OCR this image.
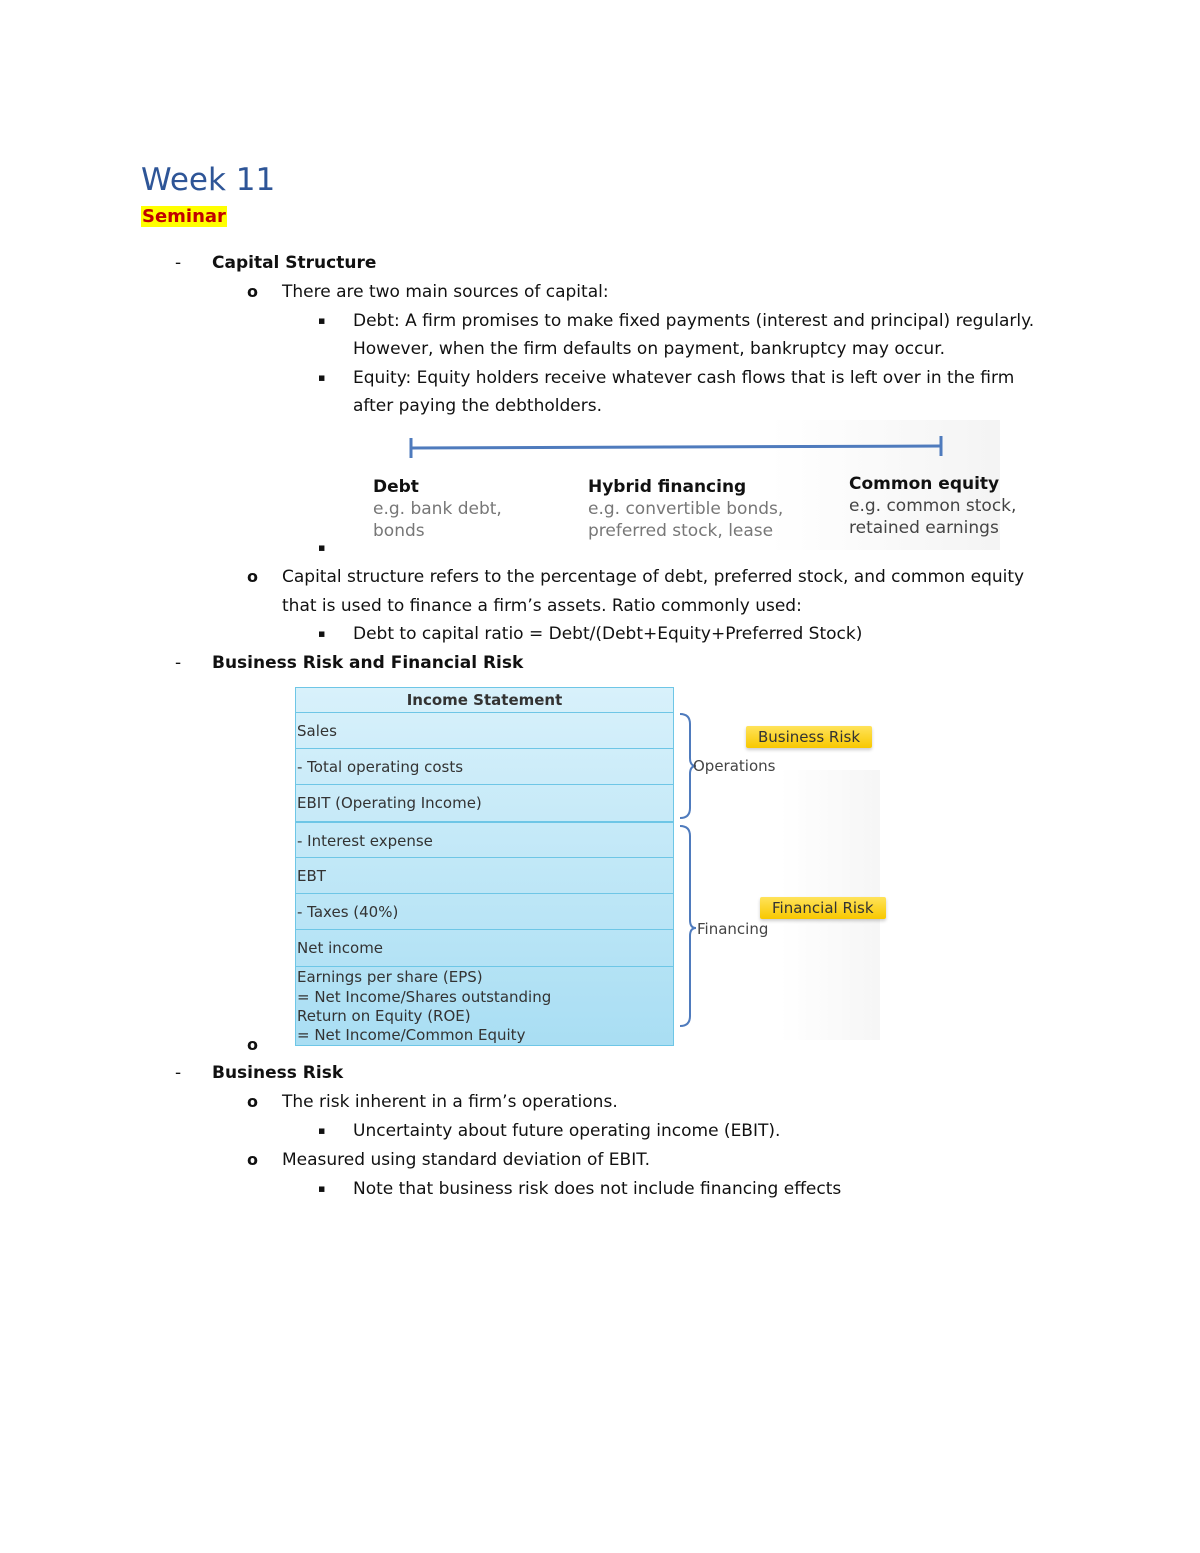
Week 11
Seminar
- Capital Structure
o There are two main sources of capital:
▪ Debt: A firm promises to make fixed payments (interest and principal) regularly.
However, when the firm defaults on payment, bankruptcy may occur.
▪ Equity: Equity holders receive whatever cash flows that is left over in the firm
after paying the debtholders.
Debt
e.g. bank debt,
bonds
Hybrid financing
e.g. convertible bonds,
preferred stock, lease
Common equity
e.g. common stock,
retained earnings
▪
o Capital structure refers to the percentage of debt, preferred stock, and common equity
that is used to finance a firm’s assets. Ratio commonly used:
▪ Debt to capital ratio = Debt/(Debt+Equity+Preferred Stock)
- Business Risk and Financial Risk
Income Statement
Sales
- Total operating costs
EBIT (Operating Income)
- Interest expense
EBT
- Taxes (40%)
Net income
Earnings per share (EPS)
= Net Income/Shares outstanding
Return on Equity (ROE)
= Net Income/Common Equity
Business Risk
Operations
Financial Risk
Financing
o
- Business Risk
o The risk inherent in a firm’s operations.
▪ Uncertainty about future operating income (EBIT).
o Measured using standard deviation of EBIT.
▪ Note that business risk does not include financing effects
